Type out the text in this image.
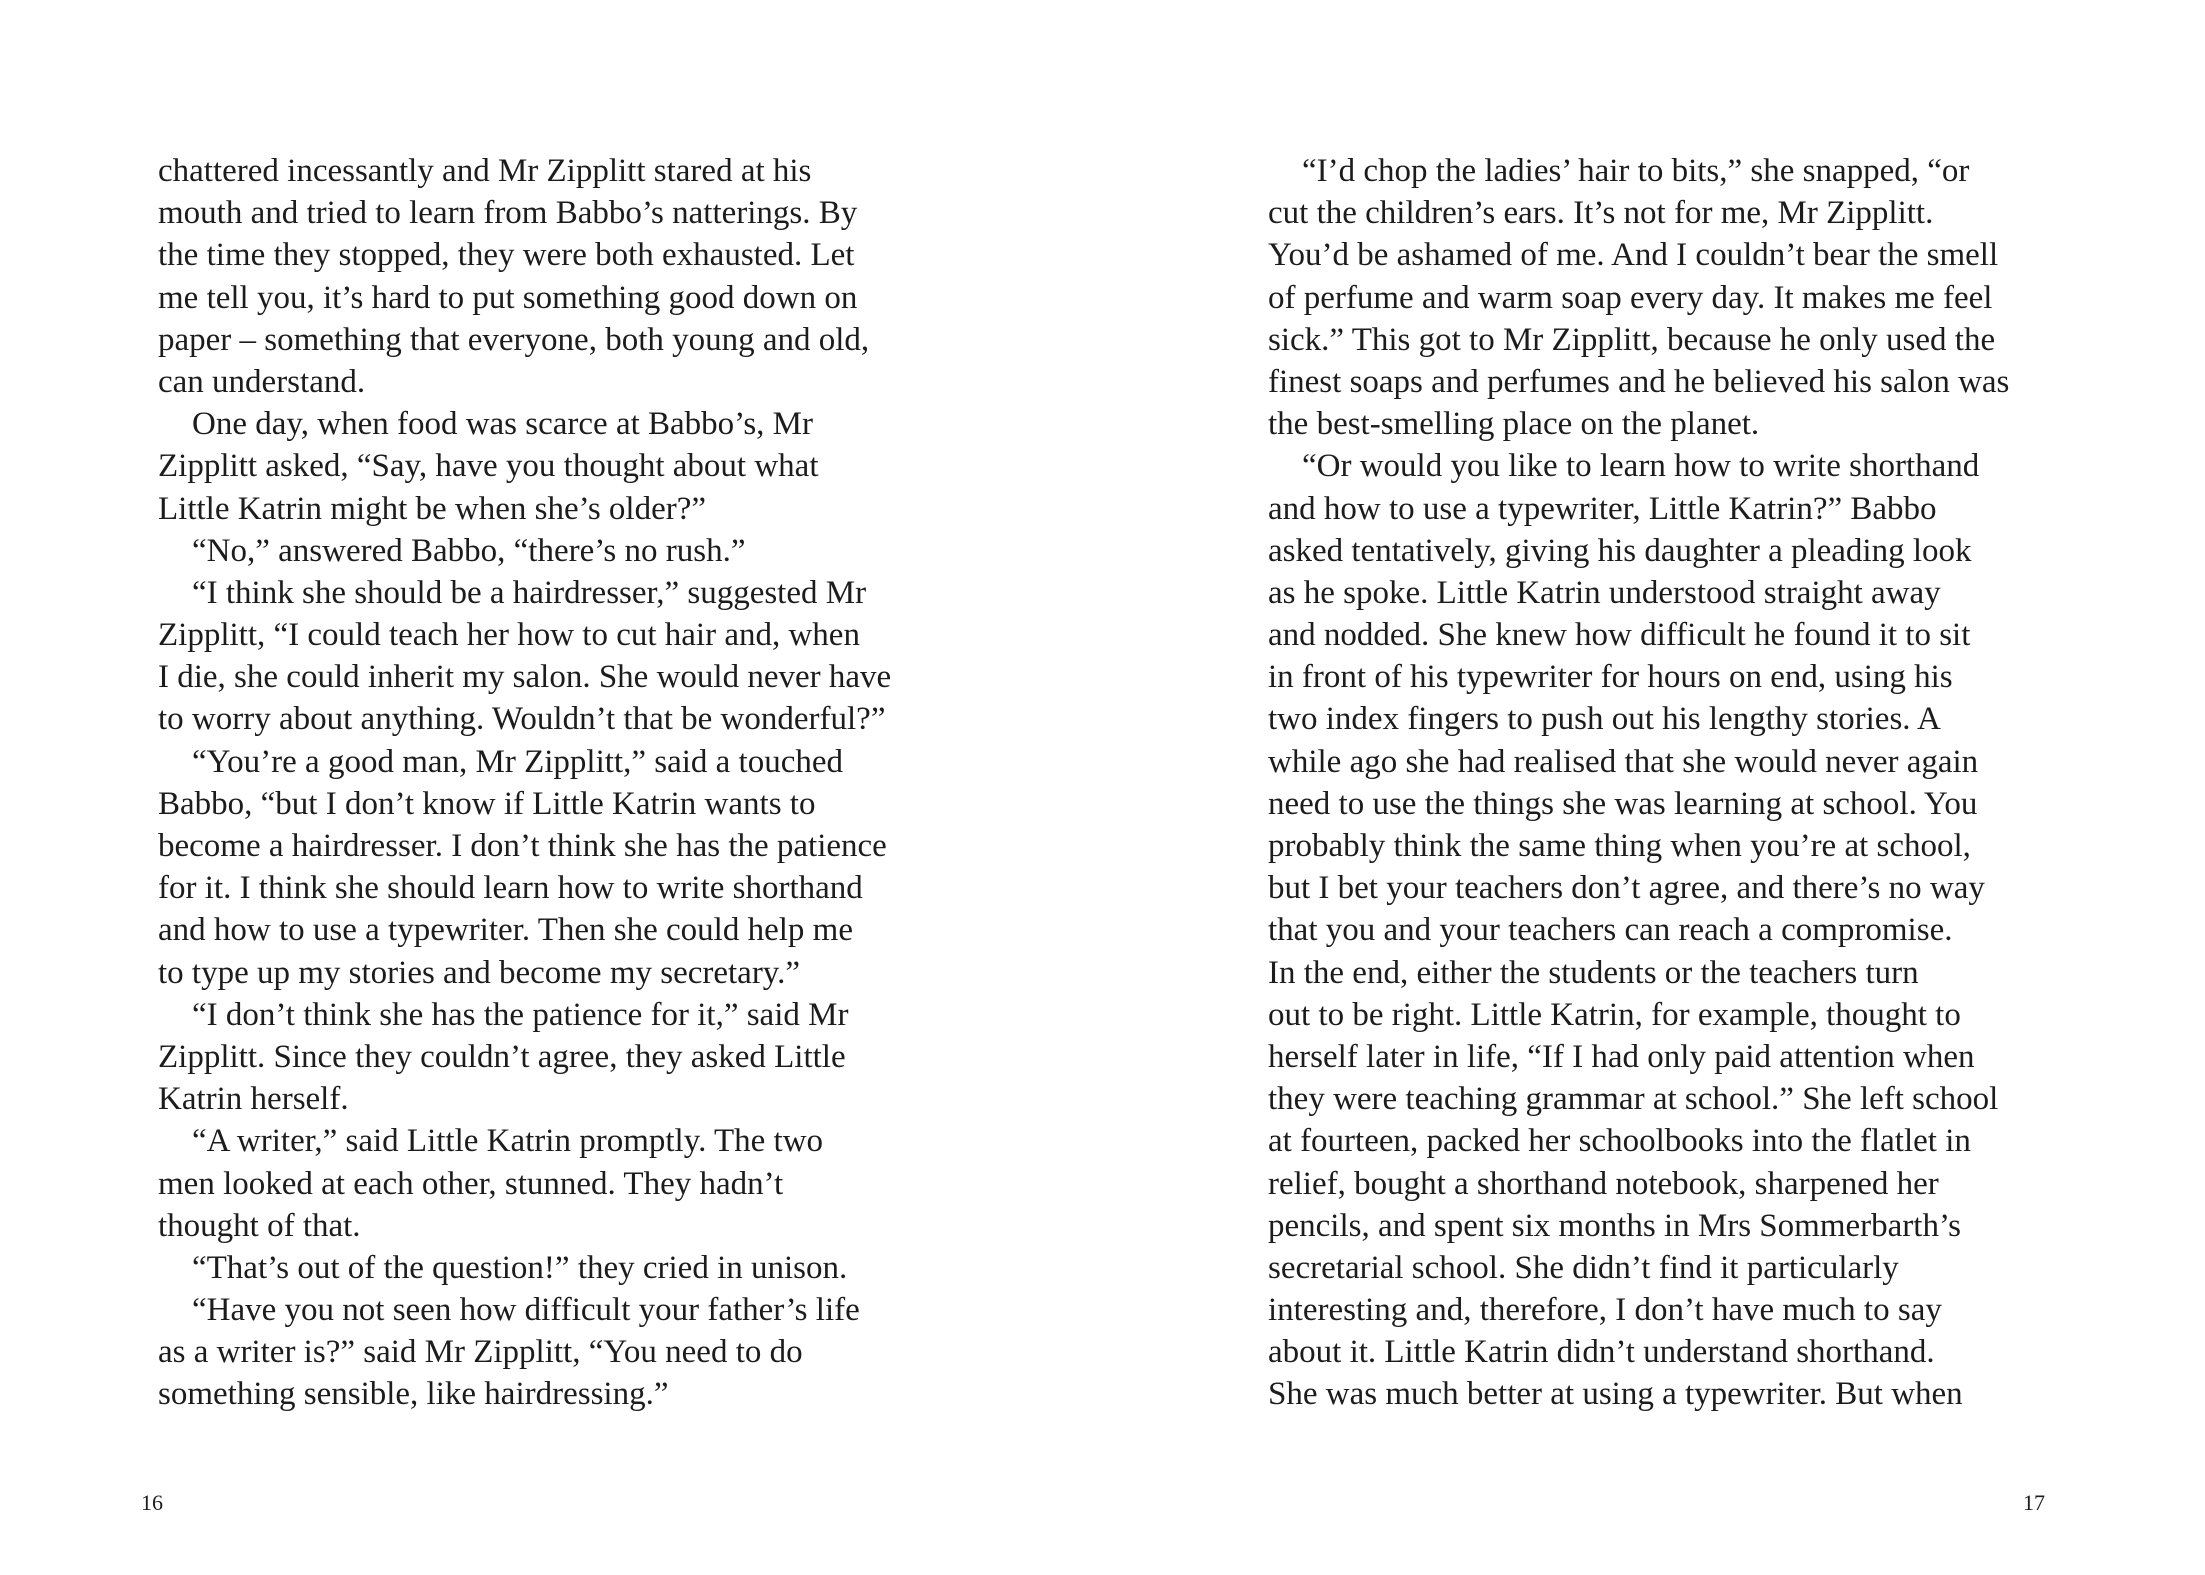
chattered incessantly and Mr Zipplitt stared at his
mouth and tried to learn from Babbo’s natterings. By
the time they stopped, they were both exhausted. Let
me tell you, it’s hard to put something good down on
paper – something that everyone, both young and old,
can understand.
One day, when food was scarce at Babbo’s, Mr
Zipplitt asked, “Say, have you thought about what
Little Katrin might be when she’s older?”
“No,” answered Babbo, “there’s no rush.”
“I think she should be a hairdresser,” suggested Mr
Zipplitt, “I could teach her how to cut hair and, when
I die, she could inherit my salon. She would never have
to worry about anything. Wouldn’t that be wonderful?”
“You’re a good man, Mr Zipplitt,” said a touched
Babbo, “but I don’t know if Little Katrin wants to
become a hairdresser. I don’t think she has the patience
for it. I think she should learn how to write shorthand
and how to use a typewriter. Then she could help me
to type up my stories and become my secretary.”
“I don’t think she has the patience for it,” said Mr
Zipplitt. Since they couldn’t agree, they asked Little
Katrin herself.
“A writer,” said Little Katrin promptly. The two
men looked at each other, stunned. They hadn’t
thought of that.
“That’s out of the question!” they cried in unison.
“Have you not seen how difficult your father’s life
as a writer is?” said Mr Zipplitt, “You need to do
something sensible, like hairdressing.”
16
“I’d chop the ladies’ hair to bits,” she snapped, “or
cut the children’s ears. It’s not for me, Mr Zipplitt.
You’d be ashamed of me. And I couldn’t bear the smell
of perfume and warm soap every day. It makes me feel
sick.” This got to Mr Zipplitt, because he only used the
finest soaps and perfumes and he believed his salon was
the best-smelling place on the planet.
“Or would you like to learn how to write shorthand
and how to use a typewriter, Little Katrin?” Babbo
asked tentatively, giving his daughter a pleading look
as he spoke. Little Katrin understood straight away
and nodded. She knew how difficult he found it to sit
in front of his typewriter for hours on end, using his
two index fingers to push out his lengthy stories. A
while ago she had realised that she would never again
need to use the things she was learning at school. You
probably think the same thing when you’re at school,
but I bet your teachers don’t agree, and there’s no way
that you and your teachers can reach a compromise.
In the end, either the students or the teachers turn
out to be right. Little Katrin, for example, thought to
herself later in life, “If I had only paid attention when
they were teaching grammar at school.” She left school
at fourteen, packed her schoolbooks into the flatlet in
relief, bought a shorthand notebook, sharpened her
pencils, and spent six months in Mrs Sommerbarth’s
secretarial school. She didn’t find it particularly
interesting and, therefore, I don’t have much to say
about it. Little Katrin didn’t understand shorthand.
She was much better at using a typewriter. But when
17
